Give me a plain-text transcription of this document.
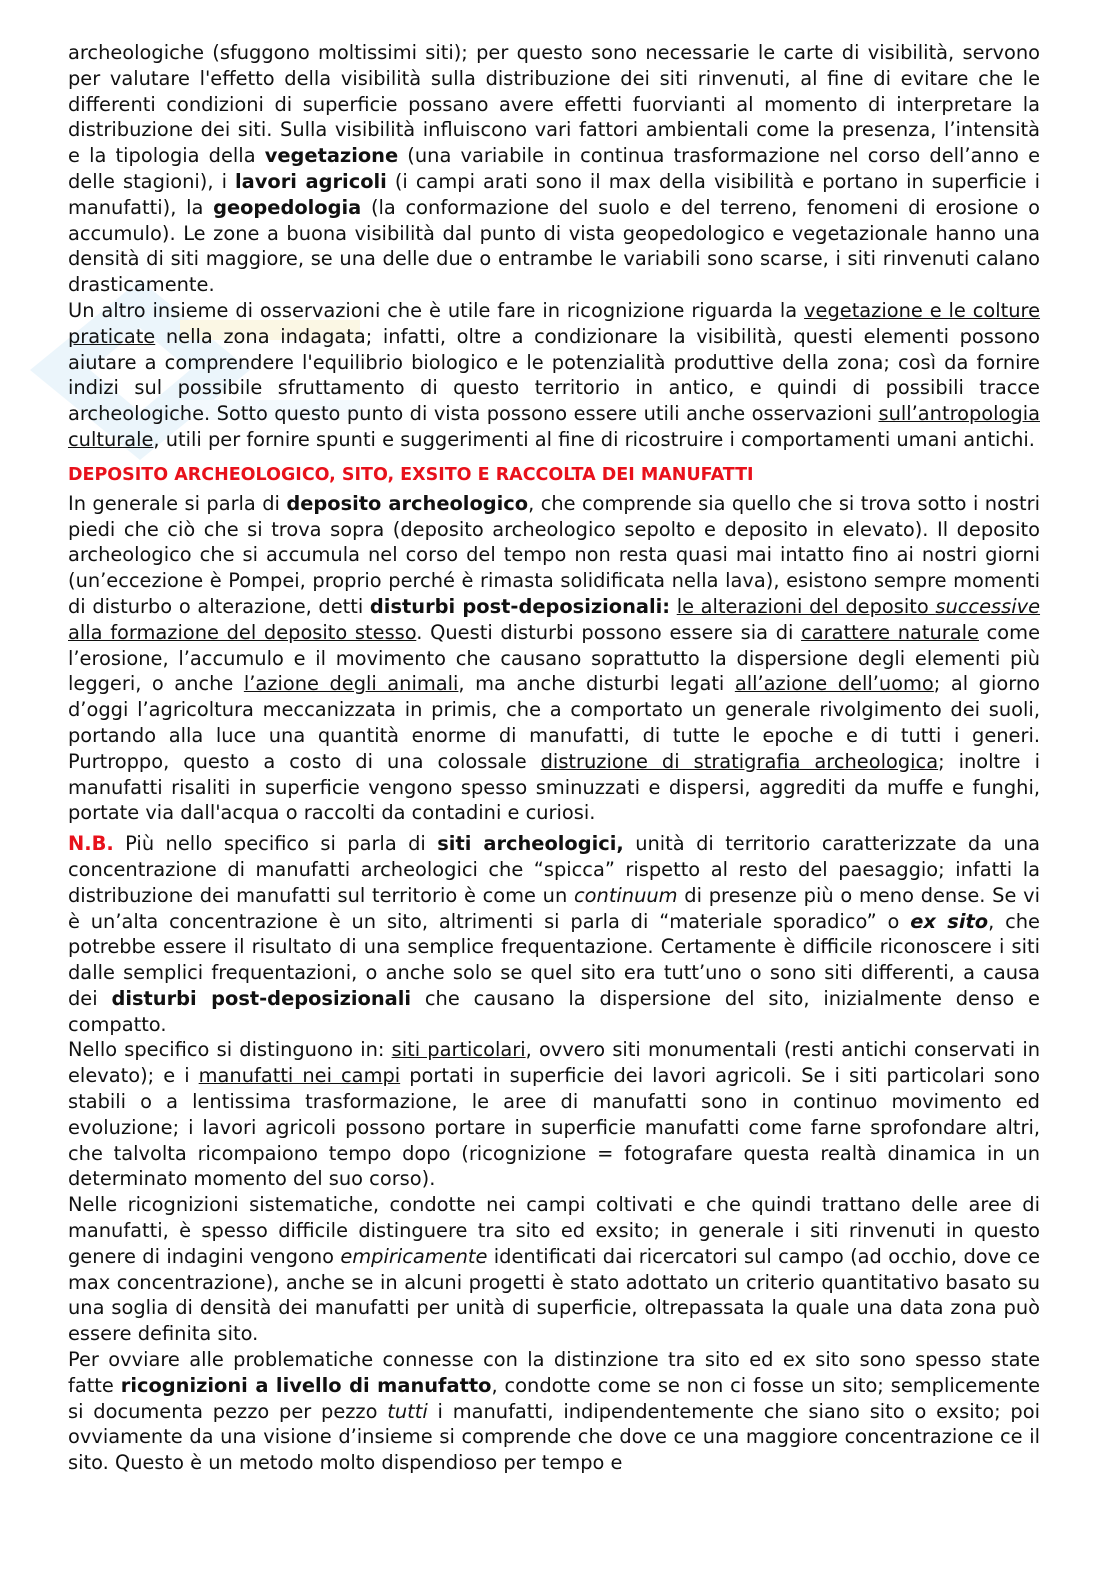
archeologiche (sfuggono moltissimi siti); per questo sono necessarie le carte di visibilità, servono per valutare l'effetto della visibilità sulla distribuzione dei siti rinvenuti, al fine di evitare che le differenti condizioni di superficie possano avere effetti fuorvianti al momento di interpretare la distribuzione dei siti. Sulla visibilità influiscono vari fattori ambientali come la presenza, l’intensità e la tipologia della vegetazione (una variabile in continua trasformazione nel corso dell’anno e delle stagioni), i lavori agricoli (i campi arati sono il max della visibilità e portano in superficie i manufatti), la geopedologia (la conformazione del suolo e del terreno, fenomeni di erosione o accumulo). Le zone a buona visibilità dal punto di vista geopedologico e vegetazionale hanno una densità di siti maggiore, se una delle due o entrambe le variabili sono scarse, i siti rinvenuti calano drasticamente.

Un altro insieme di osservazioni che è utile fare in ricognizione riguarda la vegetazione e le colture praticate nella zona indagata; infatti, oltre a condizionare la visibilità, questi elementi possono aiutare a comprendere l'equilibrio biologico e le potenzialità produttive della zona; così da fornire indizi sul possibile sfruttamento di questo territorio in antico, e quindi di possibili tracce archeologiche. Sotto questo punto di vista possono essere utili anche osservazioni sull’antropologia culturale, utili per fornire spunti e suggerimenti al fine di ricostruire i comportamenti umani antichi.

DEPOSITO ARCHEOLOGICO, SITO, EXSITO E RACCOLTA DEI MANUFATTI

In generale si parla di deposito archeologico, che comprende sia quello che si trova sotto i nostri piedi che ciò che si trova sopra (deposito archeologico sepolto e deposito in elevato). Il deposito archeologico che si accumula nel corso del tempo non resta quasi mai intatto fino ai nostri giorni (un’eccezione è Pompei, proprio perché è rimasta solidificata nella lava), esistono sempre momenti di disturbo o alterazione, detti disturbi post-deposizionali: le alterazioni del deposito successive alla formazione del deposito stesso. Questi disturbi possono essere sia di carattere naturale come l’erosione, l’accumulo e il movimento che causano soprattutto la dispersione degli elementi più leggeri, o anche l’azione degli animali, ma anche disturbi legati all’azione dell’uomo; al giorno d’oggi l’agricoltura meccanizzata in primis, che a comportato un generale rivolgimento dei suoli, portando alla luce una quantità enorme di manufatti, di tutte le epoche e di tutti i generi. Purtroppo, questo a costo di una colossale distruzione di stratigrafia archeologica; inoltre i manufatti risaliti in superficie vengono spesso sminuzzati e dispersi, aggrediti da muffe e funghi, portate via dall'acqua o raccolti da contadini e curiosi.

N.B. Più nello specifico si parla di siti archeologici, unità di territorio caratterizzate da una concentrazione di manufatti archeologici che “spicca” rispetto al resto del paesaggio; infatti la distribuzione dei manufatti sul territorio è come un continuum di presenze più o meno dense. Se vi è un’alta concentrazione è un sito, altrimenti si parla di “materiale sporadico” o ex sito, che potrebbe essere il risultato di una semplice frequentazione. Certamente è difficile riconoscere i siti dalle semplici frequentazioni, o anche solo se quel sito era tutt’uno o sono siti differenti, a causa dei disturbi post-deposizionali che causano la dispersione del sito, inizialmente denso e compatto.

Nello specifico si distinguono in: siti particolari, ovvero siti monumentali (resti antichi conservati in elevato); e i manufatti nei campi portati in superficie dei lavori agricoli. Se i siti particolari sono stabili o a lentissima trasformazione, le aree di manufatti sono in continuo movimento ed evoluzione; i lavori agricoli possono portare in superficie manufatti come farne sprofondare altri, che talvolta ricompaiono tempo dopo (ricognizione = fotografare questa realtà dinamica in un determinato momento del suo corso).

Nelle ricognizioni sistematiche, condotte nei campi coltivati e che quindi trattano delle aree di manufatti, è spesso difficile distinguere tra sito ed exsito; in generale i siti rinvenuti in questo genere di indagini vengono empiricamente identificati dai ricercatori sul campo (ad occhio, dove ce max concentrazione), anche se in alcuni progetti è stato adottato un criterio quantitativo basato su una soglia di densità dei manufatti per unità di superficie, oltrepassata la quale una data zona può essere definita sito.

Per ovviare alle problematiche connesse con la distinzione tra sito ed ex sito sono spesso state fatte ricognizioni a livello di manufatto, condotte come se non ci fosse un sito; semplicemente si documenta pezzo per pezzo tutti i manufatti, indipendentemente che siano sito o exsito; poi ovviamente da una visione d’insieme si comprende che dove ce una maggiore concentrazione ce il sito. Questo è un metodo molto dispendioso per tempo e
